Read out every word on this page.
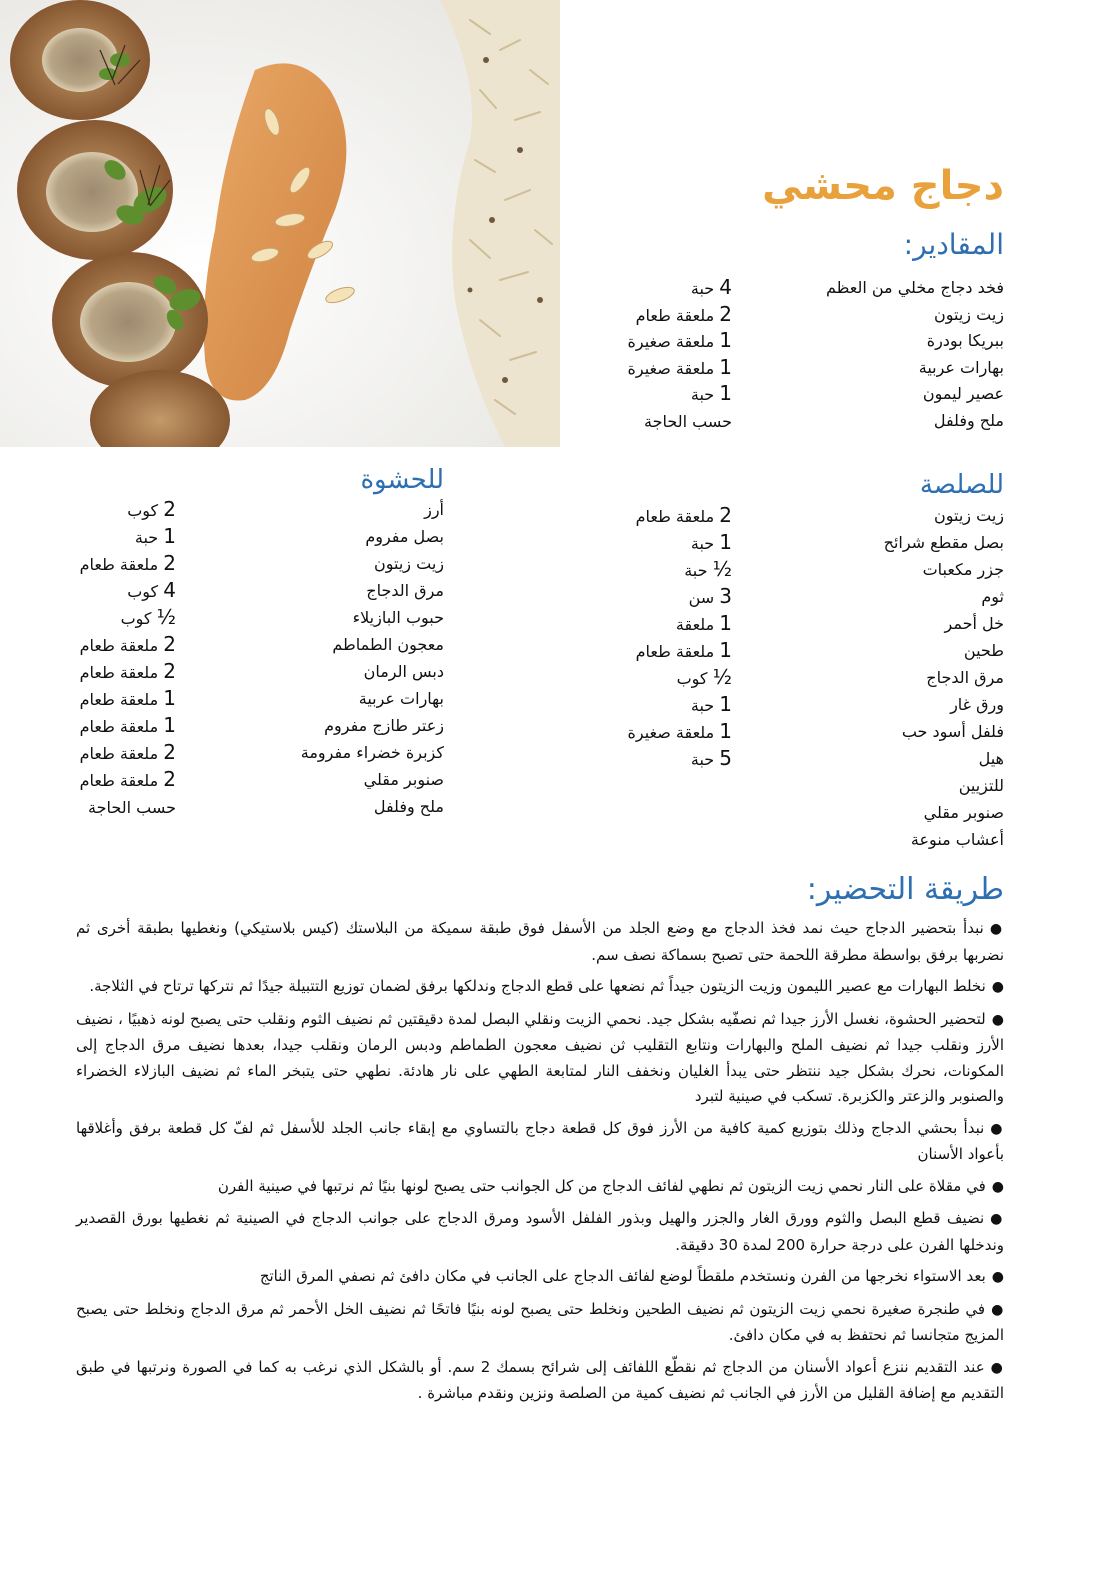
دجاج محشي
المقادير:
فخد دجاج مخلي من العظم
4 حبة
زيت زيتون
2 ملعقة طعام
ببريكا بودرة
1 ملعقة صغيرة
بهارات عربية
1 ملعقة صغيرة
عصير ليمون
1 حبة
ملح وفلفل
حسب الحاجة
للصلصة
زيت زيتون
2 ملعقة طعام
بصل مقطع شرائح
1 حبة
جزر مكعبات
½ حبة
ثوم
3 سن
خل أحمر
1 ملعقة
طحين
1 ملعقة طعام
مرق الدجاج
½ كوب
ورق غار
1 حبة
فلفل أسود حب
1 ملعقة صغيرة
هيل
5 حبة
للتزيين
صنوبر مقلي
أعشاب منوعة
للحشوة
أرز
2 كوب
بصل مفروم
1 حبة
زيت زيتون
2 ملعقة طعام
مرق الدجاج
4 كوب
حبوب البازيلاء
½ كوب
معجون الطماطم
2 ملعقة طعام
دبس الرمان
2 ملعقة طعام
بهارات عربية
1 ملعقة طعام
زعتر طازج مفروم
1 ملعقة طعام
كزبرة خضراء مفرومة
2 ملعقة طعام
صنوبر مقلي
2 ملعقة طعام
ملح وفلفل
حسب الحاجة
طريقة التحضير:
●نبدأ بتحضير الدجاج حيث نمد فخذ الدجاج مع وضع الجلد من الأسفل فوق طبقة سميكة من البلاستك (كيس بلاستيكي) ونغطيها بطبقة أخرى ثم نضربها برفق بواسطة مطرقة اللحمة حتى تصبح بسماكة نصف سم.
●نخلط البهارات مع عصير الليمون وزيت الزيتون جيداً ثم نضعها على قطع الدجاج وندلكها برفق لضمان توزيع التتبيلة جيدًا ثم نتركها ترتاح في الثلاجة.
●لتحضير الحشوة، نغسل الأرز جيدا ثم نصفّيه بشكل جيد. نحمي الزيت ونقلي البصل لمدة دقيقتين ثم نضيف الثوم ونقلب حتى يصبح لونه ذهبيًا ، نضيف الأرز ونقلب جيدا ثم نضيف الملح والبهارات ونتابع التقليب ثن نضيف معجون الطماطم ودبس الرمان ونقلب جيدا، بعدها نضيف مرق الدجاج إلى المكونات، نحرك بشكل جيد ننتظر حتى يبدأ الغليان ونخفف النار لمتابعة الطهي على نار هادئة. نطهي حتى يتبخر الماء ثم نضيف البازلاء الخضراء والصنوبر والزعتر والكزبرة. تسكب في صينية لتبرد
●نبدأ بحشي الدجاج وذلك بتوزيع كمية كافية من الأرز فوق كل قطعة دجاج بالتساوي مع إبقاء جانب الجلد للأسفل ثم لفّ كل قطعة برفق وأغلاقها بأعواد الأسنان
●في مقلاة على النار نحمي زيت الزيتون ثم نطهي لفائف الدجاج من كل الجوانب حتى يصبح لونها بنيًا ثم نرتبها في صينية الفرن
●نضيف قطع البصل والثوم وورق الغار والجزر والهيل وبذور الفلفل الأسود ومرق الدجاج على جوانب الدجاج في الصينية ثم نغطيها بورق القصدير وندخلها الفرن على درجة حرارة 200 لمدة 30 دقيقة.
●بعد الاستواء نخرجها من الفرن ونستخدم ملقطاً لوضع لفائف الدجاج على الجانب في مكان دافئ ثم نصفي المرق الناتج
●في طنجرة صغيرة نحمي زيت الزيتون ثم نضيف الطحين ونخلط حتى يصبح لونه بنيًا فاتحًا ثم نضيف الخل الأحمر ثم مرق الدجاج ونخلط حتى يصبح المزيج متجانسا ثم نحتفظ به في مكان دافئ.
●عند التقديم ننزع أعواد الأسنان من الدجاج ثم نقطّع اللفائف إلى شرائح بسمك 2 سم. أو بالشكل الذي نرغب به كما في الصورة ونرتبها في طبق التقديم مع إضافة القليل من الأرز في الجانب ثم نضيف كمية من الصلصة ونزين ونقدم مباشرة .
